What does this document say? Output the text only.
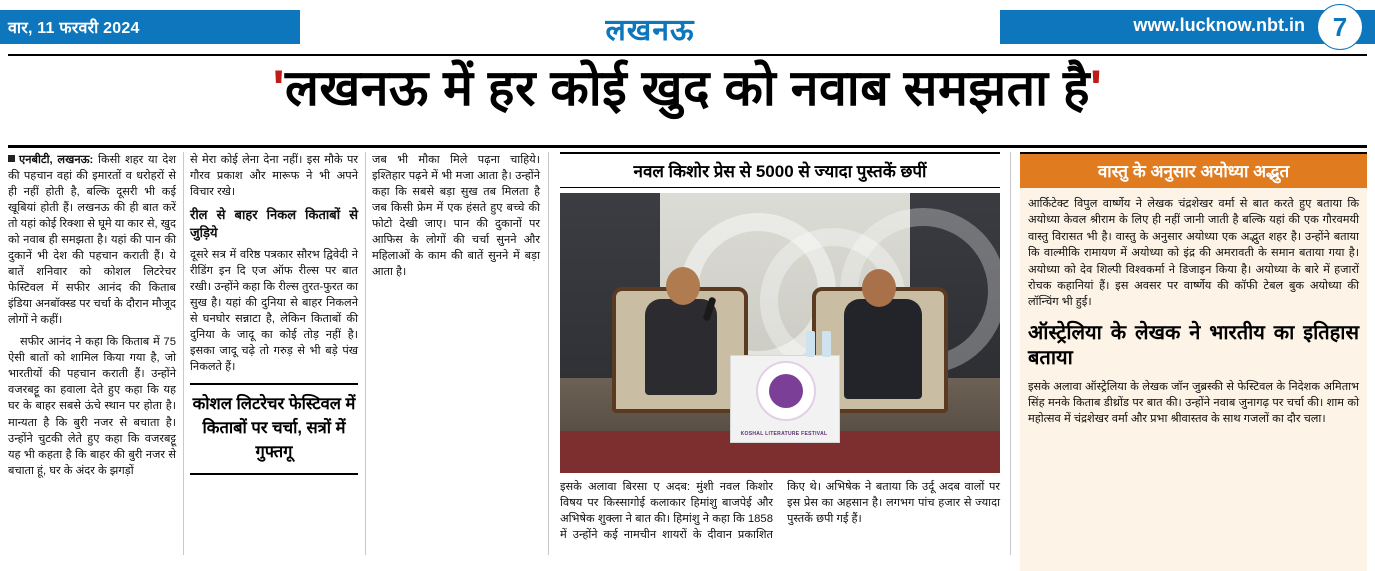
वार, 11 फरवरी 2024	लखनऊ	www.lucknow.nbt.in	7
'लखनऊ में हर कोई खुद को नवाब समझता है'

एनबीटी, लखनऊ: किसी शहर या देश की पहचान वहां की इमारतों व धरोहरों से ही नहीं होती है, बल्कि दूसरी भी कई खूबियां होती हैं। लखनऊ की ही बात करें तो यहां कोई रिक्शा से घूमे या कार से, खुद को नवाब ही समझता है। यहां की पान की दुकानें भी देश की पहचान कराती हैं। ये बातें शनिवार को कोशल लिटरेचर फेस्टिवल में सफीर आनंद की किताब इंडिया अनबॉक्स्ड पर चर्चा के दौरान मौजूद लोगों ने कहीं।

सफीर आनंद ने कहा कि किताब में 75 ऐसी बातों को शामिल किया गया है, जो भारतीयों की पहचान कराती हैं। उन्होंने वजरबट्टू का हवाला देते हुए कहा कि यह घर के बाहर सबसे ऊंचे स्थान पर होता है। मान्यता है कि बुरी नजर से बचाता है। उन्होंने चुटकी लेते हुए कहा कि वजरबट्टू यह भी कहता है कि बाहर की बुरी नजर से बचाता हूं, घर के अंदर के झगड़ों

से मेरा कोई लेना देना नहीं। इस मौके पर गौरव प्रकाश और मारूफ ने भी अपने विचार रखे।

रील से बाहर निकल किताबों से जुड़िये

दूसरे सत्र में वरिष्ठ पत्रकार सौरभ द्विवेदी ने रीडिंग इन दि एज ऑफ रील्स पर बात रखी। उन्होंने कहा कि रील्स तुरत-फुरत का सुख है। यहां की दुनिया से बाहर निकलने से घनघोर सन्नाटा है, लेकिन किताबों की दुनिया के जादू का कोई तोड़ नहीं है। इसका जादू चढ़े तो गरुड़ से भी बड़े पंख निकलते हैं।

कोशल लिटरेचर फेस्टिवल में किताबों पर चर्चा, सत्रों में गुफ्तगू

जब भी मौका मिले पढ़ना चाहिये। इश्तिहार पढ़ने में भी मजा आता है। उन्होंने कहा कि सबसे बड़ा सुख तब मिलता है जब किसी फ्रेम में एक हंसते हुए बच्चे की फोटो देखी जाए। पान की दुकानों पर आफिस के लोगों की चर्चा सुनने और महिलाओं के काम की बातें सुनने में बड़ा आता है।

नवल किशोर प्रेस से 5000 से ज्यादा पुस्तकें छपीं
KOSHAL LITERATURE FESTIVAL
इसके अलावा बिरसा ए अदब: मुंशी नवल किशोर विषय पर किस्सागोई कलाकार हिमांशु बाजपेई और अभिषेक शुक्ला ने बात की। हिमांशु ने कहा कि 1858 में उन्होंने कई नामचीन शायरों के दीवान प्रकाशित किए थे। अभिषेक ने बताया कि उर्दू अदब वालों पर इस प्रेस का अहसान है। लगभग पांच हजार से ज्यादा पुस्तकें छपी गई हैं।
वास्तु के अनुसार अयोध्या अद्भुत

आर्किटेक्ट विपुल वार्ष्णेय ने लेखक चंद्रशेखर वर्मा से बात करते हुए बताया कि अयोध्या केवल श्रीराम के लिए ही नहीं जानी जाती है बल्कि यहां की एक गौरवमयी वास्तु विरासत भी है। वास्तु के अनुसार अयोध्या एक अद्भुत शहर है। उन्होंने बताया कि वाल्मीकि रामायण में अयोध्या को इंद्र की अमरावती के समान बताया गया है। अयोध्या को देव शिल्पी विश्वकर्मा ने डिजाइन किया है। अयोध्या के बारे में हजारों रोचक कहानियां हैं। इस अवसर पर वार्ष्णेय की कॉफी टेबल बुक अयोध्या की लॉन्चिंग भी हुई।

ऑस्ट्रेलिया के लेखक ने भारतीय का इतिहास बताया

इसके अलावा ऑस्ट्रेलिया के लेखक जॉन जुब्रस्की से फेस्टिवल के निदेशक अमिताभ सिंह मनके किताब डीथ्रोंड पर बात की। उन्होंने नवाब जुनागढ़ पर चर्चा की। शाम को महोत्सव में चंद्रशेखर वर्मा और प्रभा श्रीवास्तव के साथ गजलों का दौर चला।
